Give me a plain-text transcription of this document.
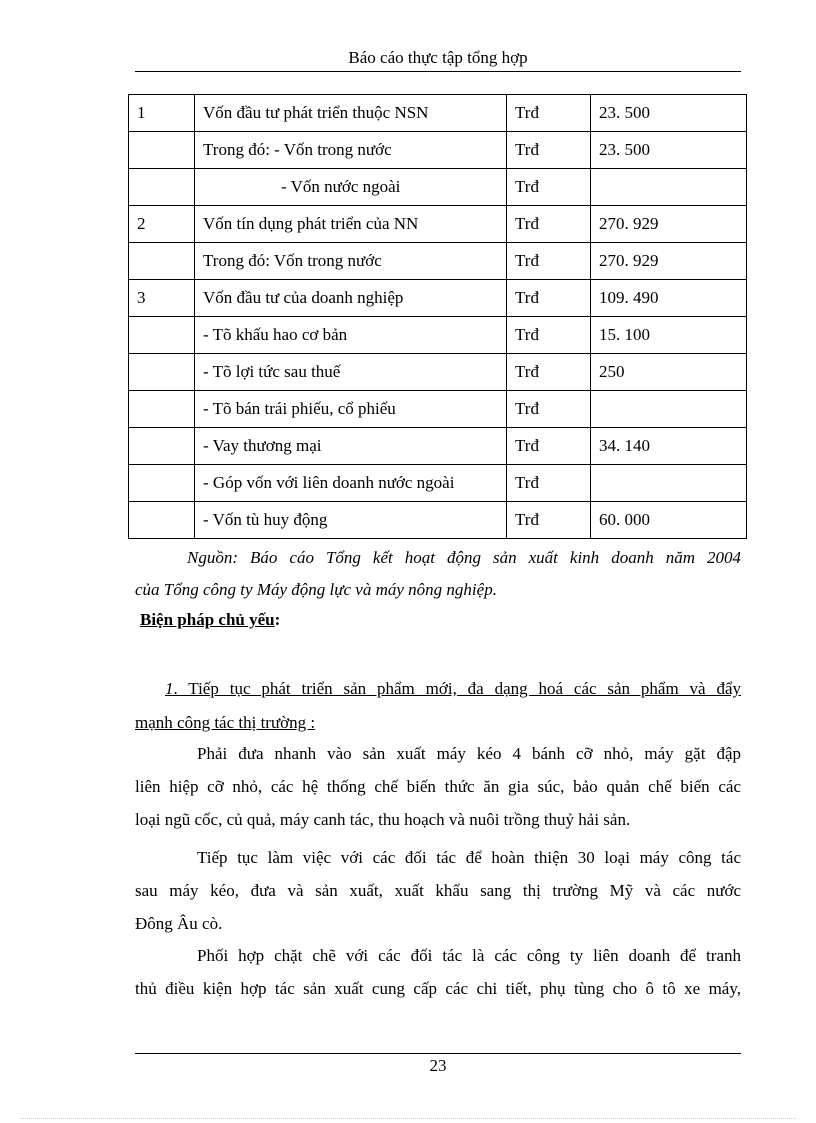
Báo cáo thực tập tổng hợp
1	Vốn đầu tư phát triển thuộc NSN	Trđ	23. 500
	Trong đó: - Vốn trong nước	Trđ	23. 500
	- Vốn nước ngoài	Trđ	
2	Vốn tín dụng phát triển của NN	Trđ	270. 929
	Trong đó: Vốn trong nước	Trđ	270. 929
3	Vốn đầu tư của doanh nghiệp	Trđ	109. 490
	- Tõ khấu hao cơ bản	Trđ	15. 100
	- Tõ lợi tức sau thuế	Trđ	250
	- Tõ bán trái phiếu, cổ phiếu	Trđ	
	- Vay thương mại	Trđ	34. 140
	- Góp vốn với liên doanh nước ngoài	Trđ	
	- Vốn tù huy động	Trđ	60. 000
Nguồn: Báo cáo Tổng kết hoạt động sản xuất kinh doanh năm 2004
của Tổng công ty Máy động lực và máy nông nghiệp.
Biện pháp chủ yếu:
1. Tiếp tục phát triển sản phẩm mới, đa dạng hoá các sản phẩm và đẩy
mạnh công tác thị trường :
Phải đưa nhanh vào sản xuất máy kéo 4 bánh cỡ nhỏ, máy gặt đập
liên hiệp cỡ nhỏ, các hệ thống chế biến thức ăn gia súc, bảo quản chế biến các
loại ngũ cốc, củ quả, máy canh tác, thu hoạch và nuôi trồng thuỷ hải sản.
Tiếp tục làm việc với các đối tác để hoàn thiện 30 loại máy công tác
sau máy kéo, đưa và sản xuất, xuất khẩu sang thị trường Mỹ và các nước
Đông Âu cò.
Phối hợp chặt chẽ với các đối tác là các công ty liên doanh để tranh
thủ điều kiện hợp tác sản xuất cung cấp các chi tiết, phụ tùng cho ô tô xe máy,
23
